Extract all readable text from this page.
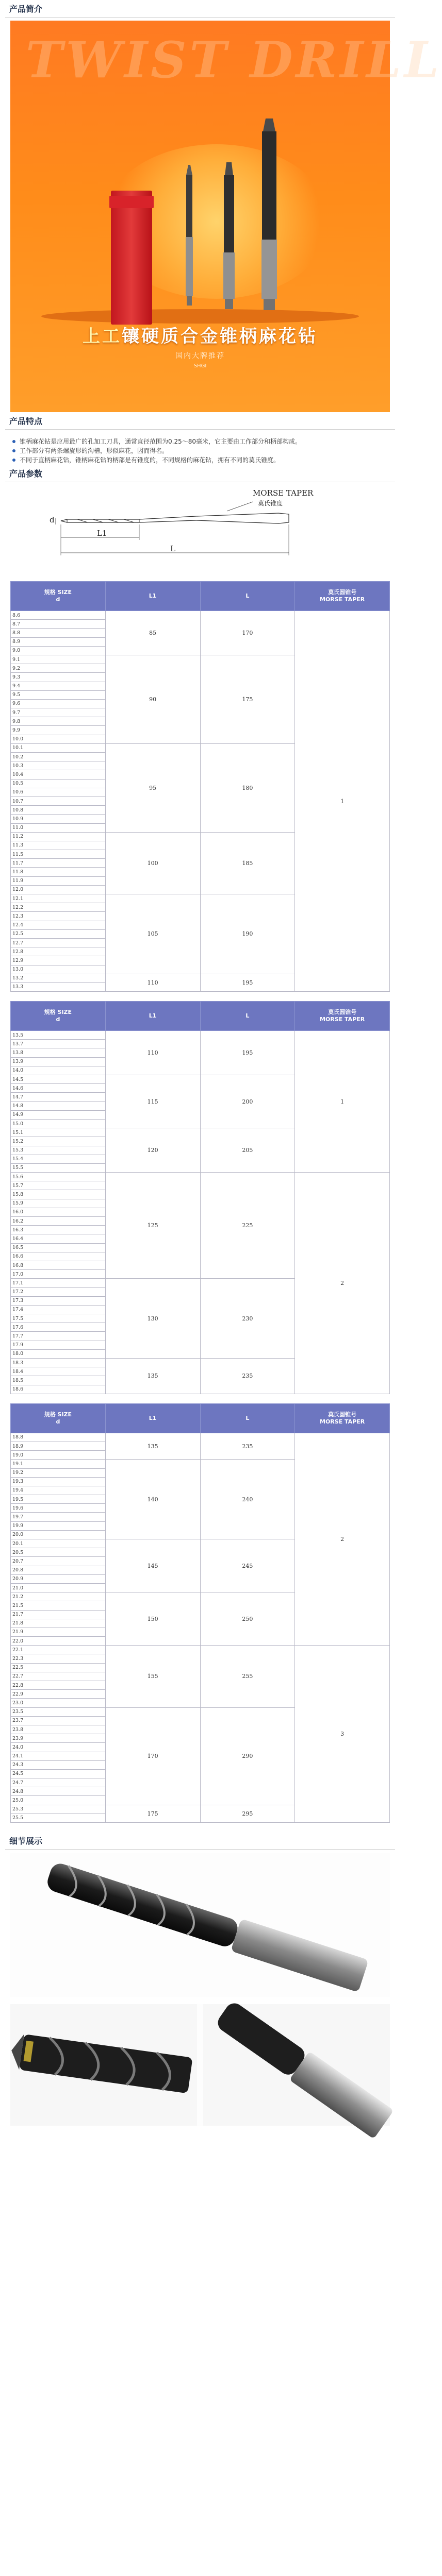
产品简介
TWIST DRILL
上工镶硬质合金锥柄麻花钻
国内大牌推荐
SHGI
产品特点
锥柄麻花钻是应用最广的孔加工刀具，通常直径范围为0.25～80毫米，它主要由工作部分和柄部构成。
工作部分有两条螺旋形的沟槽，形似麻花，因而得名。
不同于直柄麻花钻，锥柄麻花钻的柄部是有锥度的，不同规格的麻花钻，拥有不同的莫氏锥度。
产品参数
MORSE TAPER
莫氏锥度
d
L1
L
规格 SIZE
d	L1	L	莫氏圆锥号
MORSE TAPER
8.6	85	170	1
8.7			
8.8			
8.9			
9.0			
9.1	90	175	
9.2			
9.3			
9.4			
9.5			
9.6			
9.7			
9.8			
9.9			
10.0			
10.1	95	180	
10.2			
10.3			
10.4			
10.5			
10.6			
10.7			
10.8			
10.9			
11.0			
11.2	100	185	
11.3			
11.5			
11.7			
11.8			
11.9			
12.0			
12.1	105	190	
12.2			
12.3			
12.4			
12.5			
12.7			
12.8			
12.9			
13.0			
13.2	110	195	
13.3			
规格 SIZE
d	L1	L	莫氏圆锥号
MORSE TAPER
13.5	110	195	1
13.7			
13.8			
13.9			
14.0			
14.5	115	200	
14.6			
14.7			
14.8			
14.9			
15.0			
15.1	120	205	
15.2			
15.3			
15.4			
15.5			
15.6	125	225	2
15.7			
15.8			
15.9			
16.0			
16.2			
16.3			
16.4			
16.5			
16.6			
16.8			
17.0			
17.1	130	230	
17.2			
17.3			
17.4			
17.5			
17.6			
17.7			
17.9			
18.0			
18.3	135	235	
18.4			
18.5			
18.6			
规格 SIZE
d	L1	L	莫氏圆锥号
MORSE TAPER
18.8	135	235	2
18.9			
19.0			
19.1	140	240	
19.2			
19.3			
19.4			
19.5			
19.6			
19.7			
19.9			
20.0			
20.1	145	245	
20.5			
20.7			
20.8			
20.9			
21.0			
21.2	150	250	
21.5			
21.7			
21.8			
21.9			
22.0			
22.1	155	255	3
22.3			
22.5			
22.7			
22.8			
22.9			
23.0			
23.5	170	290	
23.7			
23.8			
23.9			
24.0			
24.1			
24.3			
24.5			
24.7			
24.8			
25.0			
25.3	175	295	
25.5			
细节展示
